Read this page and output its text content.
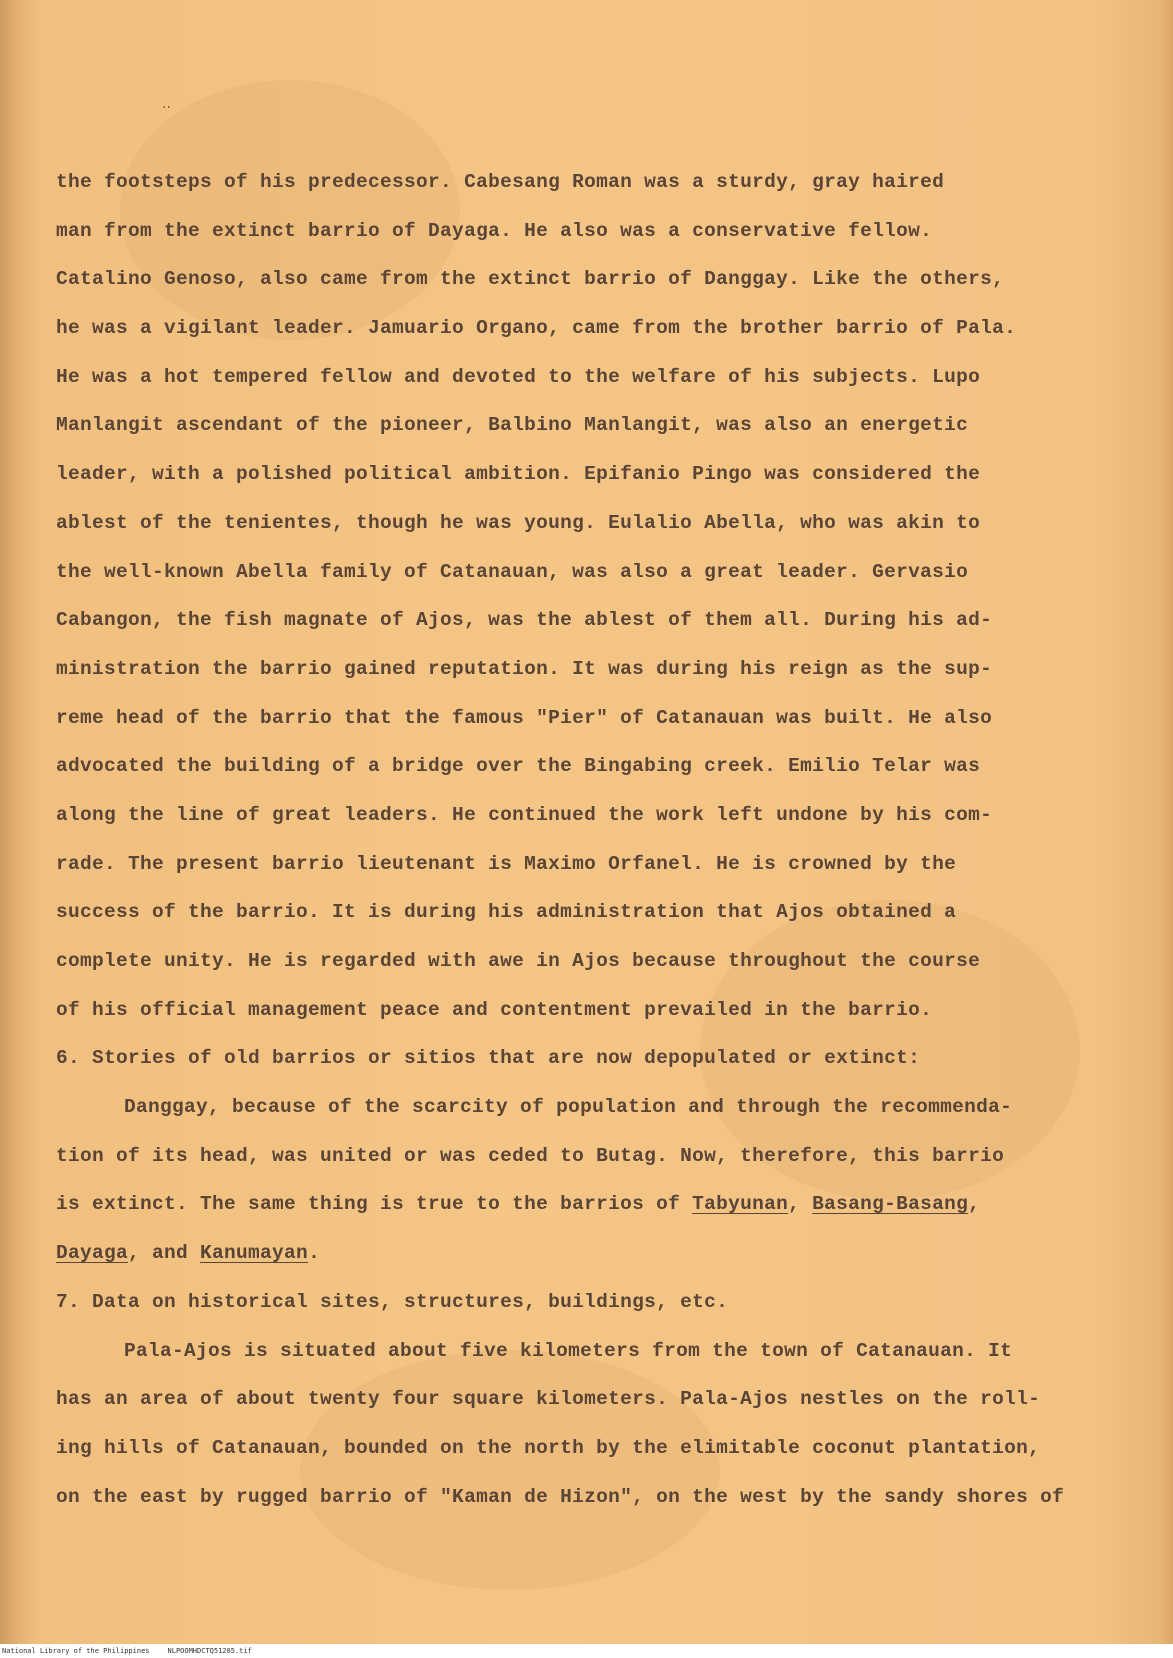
..
the footsteps of his predecessor. Cabesang Roman was a sturdy, gray haired
man from the extinct barrio of Dayaga. He also was a conservative fellow.
Catalino Genoso, also came from the extinct barrio of Danggay. Like the others,
he was a vigilant leader. Jamuario Organo, came from the brother barrio of Pala.
He was a hot tempered fellow and devoted to the welfare of his subjects. Lupo
Manlangit ascendant of the pioneer, Balbino Manlangit, was also an energetic
leader, with a polished political ambition. Epifanio Pingo was considered the
ablest of the tenientes, though he was young. Eulalio Abella, who was akin to
the well-known Abella family of Catanauan, was also a great leader. Gervasio
Cabangon, the fish magnate of Ajos, was the ablest of them all. During his ad-
ministration the barrio gained reputation. It was during his reign as the sup-
reme head of the barrio that the famous "Pier" of Catanauan was built. He also
advocated the building of a bridge over the Bingabing creek. Emilio Telar was
along the line of great leaders. He continued the work left undone by his com-
rade. The present barrio lieutenant is Maximo Orfanel. He is crowned by the
success of the barrio. It is during his administration that Ajos obtained a
complete unity. He is regarded with awe in Ajos because throughout the course
of his official management peace and contentment prevailed in the barrio.
6. Stories of old barrios or sitios that are now depopulated or extinct:
Danggay, because of the scarcity of population and through the recommenda-
tion of its head, was united or was ceded to Butag. Now, therefore, this barrio
is extinct. The same thing is true to the barrios of Tabyunan, Basang-Basang,
Dayaga, and Kanumayan.
7. Data on historical sites, structures, buildings, etc.
Pala-Ajos is situated about five kilometers from the town of Catanauan. It
has an area of about twenty four square kilometers. Pala-Ajos nestles on the roll-
ing hills of Catanauan, bounded on the north by the elimitable coconut plantation,
on the east by rugged barrio of "Kaman de Hizon", on the west by the sandy shores of
National Library of the Philippines	NLPOOMHDCTQ51205.tif
